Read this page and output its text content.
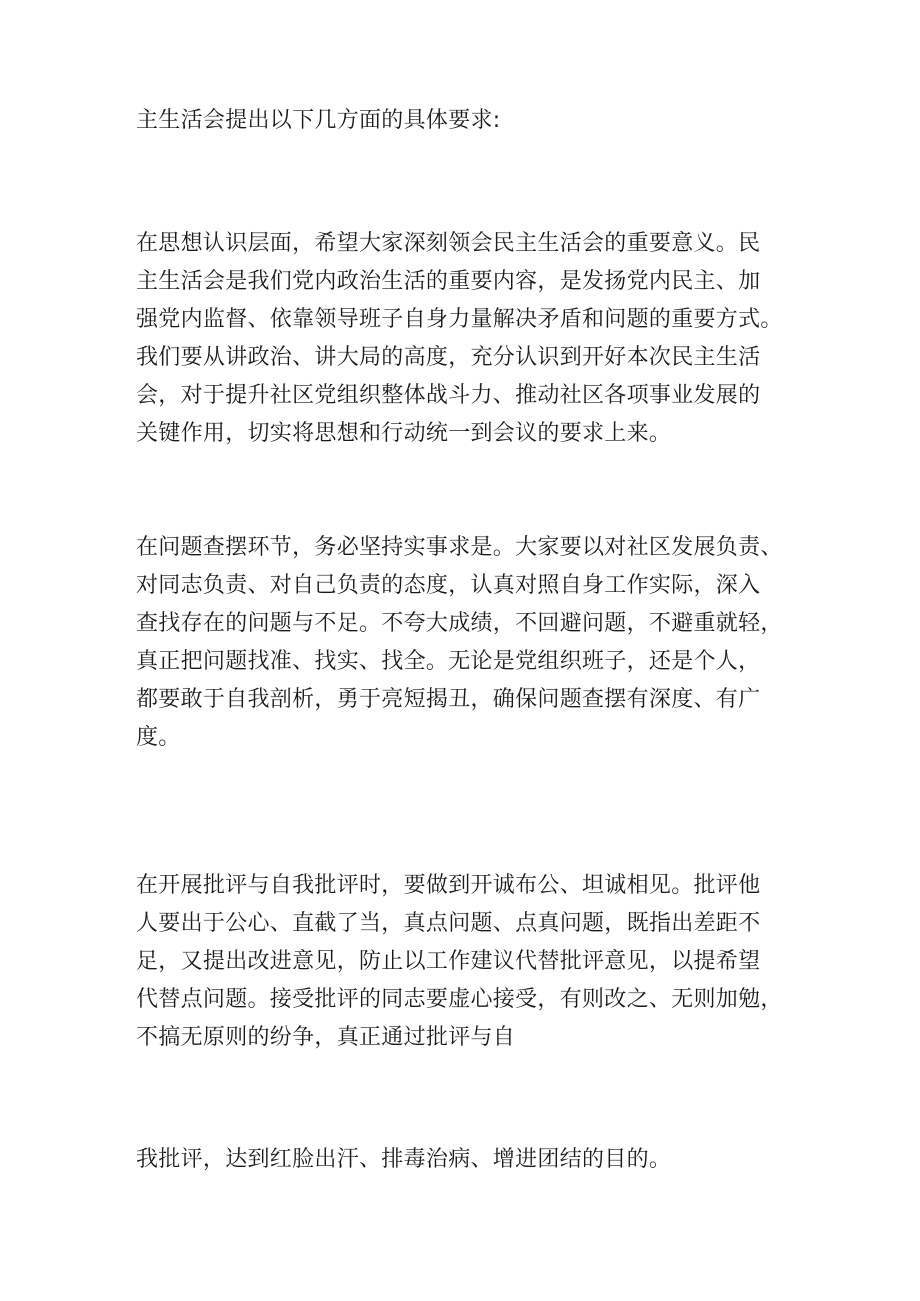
主生活会提出以下几方面的具体要求:
在思想认识层面，希望大家深刻领会民主生活会的重要意义。民
主生活会是我们党内政治生活的重要内容，是发扬党内民主、加
强党内监督、依靠领导班子自身力量解决矛盾和问题的重要方式。
我们要从讲政治、讲大局的高度，充分认识到开好本次民主生活
会，对于提升社区党组织整体战斗力、推动社区各项事业发展的
关键作用，切实将思想和行动统一到会议的要求上来。
在问题查摆环节，务必坚持实事求是。大家要以对社区发展负责、
对同志负责、对自己负责的态度，认真对照自身工作实际，深入
查找存在的问题与不足。不夸大成绩，不回避问题，不避重就轻，
真正把问题找准、找实、找全。无论是党组织班子，还是个人，
都要敢于自我剖析，勇于亮短揭丑，确保问题查摆有深度、有广
度。
在开展批评与自我批评时，要做到开诚布公、坦诚相见。批评他
人要出于公心、直截了当，真点问题、点真问题，既指出差距不
足，又提出改进意见，防止以工作建议代替批评意见，以提希望
代替点问题。接受批评的同志要虚心接受，有则改之、无则加勉，
不搞无原则的纷争，真正通过批评与自
我批评，达到红脸出汗、排毒治病、增进团结的目的。
